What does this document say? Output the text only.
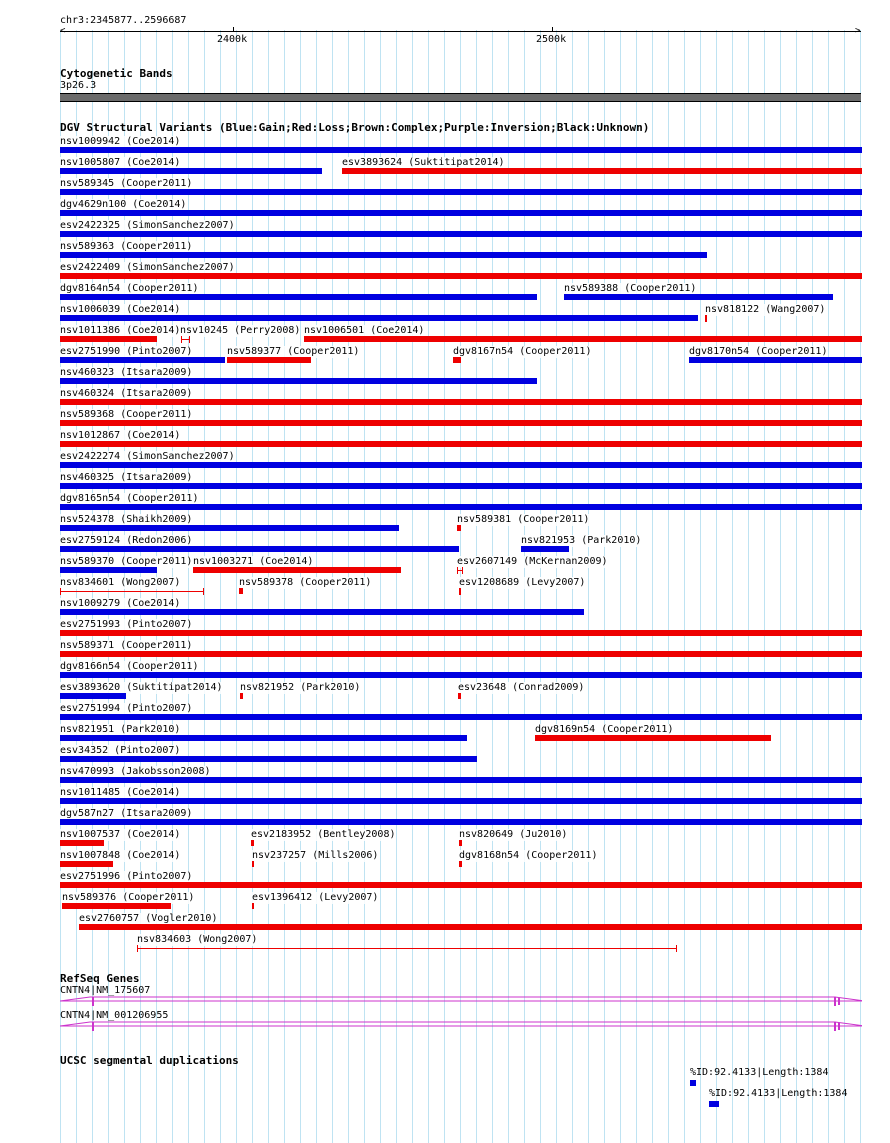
chr3:2345877..2596687
<	>
2400k	2500k
Cytogenetic Bands
3p26.3
DGV Structural Variants (Blue:Gain;Red:Loss;Brown:Complex;Purple:Inversion;Black:Unknown)
nsv1009942 (Coe2014)
nsv1005807 (Coe2014)	esv3893624 (Suktitipat2014)
nsv589345 (Cooper2011)
dgv4629n100 (Coe2014)
esv2422325 (SimonSanchez2007)
nsv589363 (Cooper2011)
esv2422409 (SimonSanchez2007)
dgv8164n54 (Cooper2011)	nsv589388 (Cooper2011)
nsv1006039 (Coe2014)	nsv818122 (Wang2007)
nsv1011386 (Coe2014) nsv10245 (Perry2008) nsv1006501 (Coe2014)
esv2751990 (Pinto2007)	nsv589377 (Cooper2011)	dgv8167n54 (Cooper2011)	dgv8170n54 (Cooper2011)
nsv460323 (Itsara2009)
nsv460324 (Itsara2009)
nsv589368 (Cooper2011)
nsv1012867 (Coe2014)
esv2422274 (SimonSanchez2007)
nsv460325 (Itsara2009)
dgv8165n54 (Cooper2011)
nsv524378 (Shaikh2009)	nsv589381 (Cooper2011)
esv2759124 (Redon2006)	nsv821953 (Park2010)
nsv589370 (Cooper2011) nsv1003271 (Coe2014)	esv2607149 (McKernan2009)
nsv834601 (Wong2007)	nsv589378 (Cooper2011)	esv1208689 (Levy2007)
nsv1009279 (Coe2014)
esv2751993 (Pinto2007)
nsv589371 (Cooper2011)
dgv8166n54 (Cooper2011)
esv3893620 (Suktitipat2014) nsv821952 (Park2010)	esv23648 (Conrad2009)
esv2751994 (Pinto2007)
nsv821951 (Park2010)	dgv8169n54 (Cooper2011)
esv34352 (Pinto2007)
nsv470993 (Jakobsson2008)
nsv1011485 (Coe2014)
dgv587n27 (Itsara2009)
nsv1007537 (Coe2014)	esv2183952 (Bentley2008)	nsv820649 (Ju2010)
nsv1007848 (Coe2014)	nsv237257 (Mills2006)	dgv8168n54 (Cooper2011)
esv2751996 (Pinto2007)
nsv589376 (Cooper2011)	esv1396412 (Levy2007)
esv2760757 (Vogler2010)
nsv834603 (Wong2007)
RefSeq Genes
CNTN4|NM_175607
CNTN4|NM_001206955
UCSC segmental duplications
%ID:92.4133|Length:1384
%ID:92.4133|Length:1384
